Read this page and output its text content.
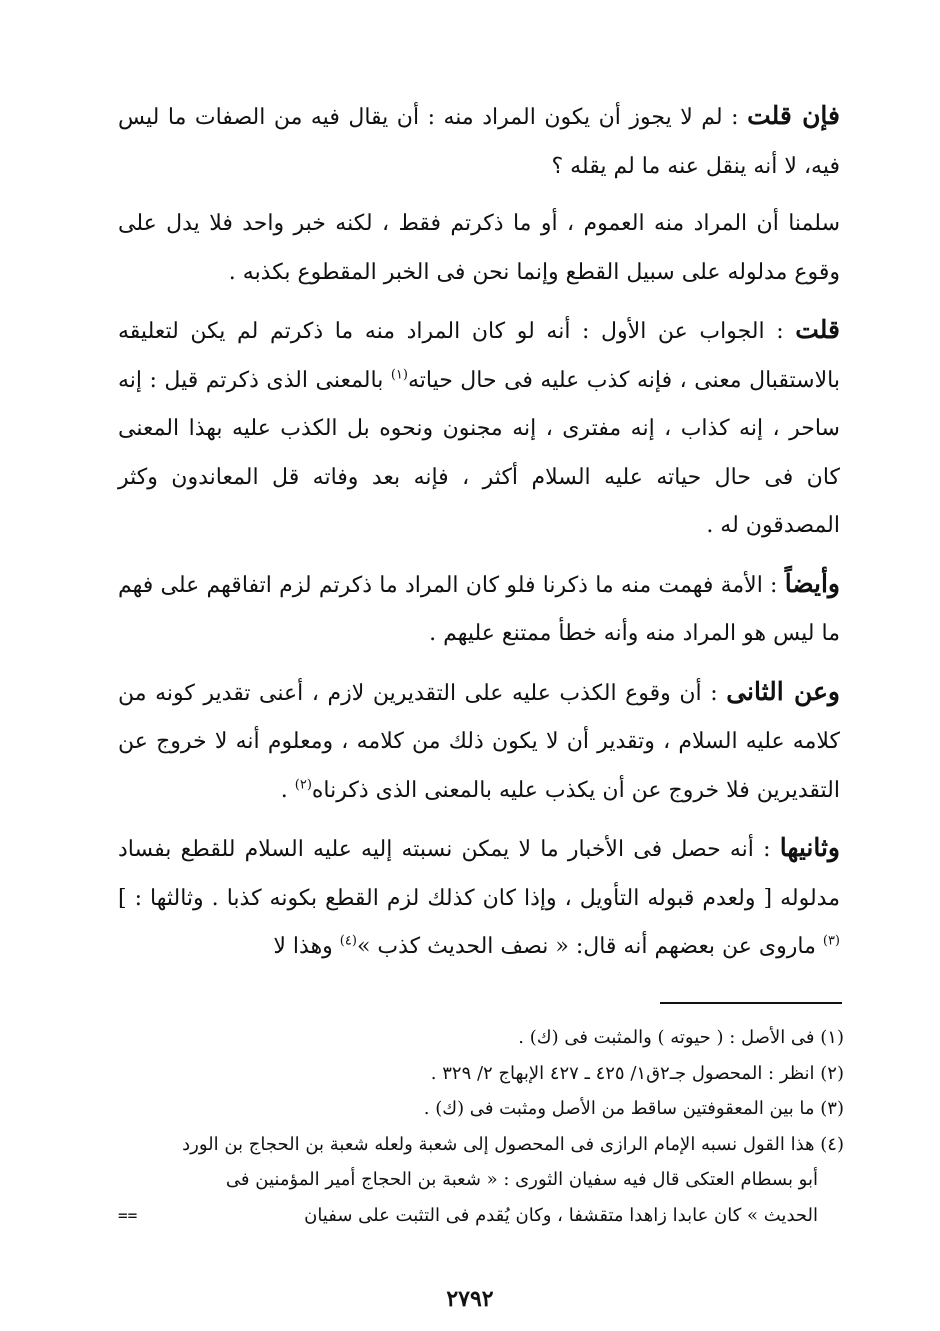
فإن قلت : لم لا يجوز أن يكون المراد منه : أن يقال فيه من الصفات ما ليس فيه، لا أنه ينقل عنه ما لم يقله ؟

سلمنا أن المراد منه العموم ، أو ما ذكرتم فقط ، لكنه خبر واحد فلا يدل على وقوع مدلوله على سبيل القطع وإنما نحن فى الخبر المقطوع بكذبه .

قلت : الجواب عن الأول : أنه لو كان المراد منه ما ذكرتم لم يكن لتعليقه بالاستقبال معنى ، فإنه كذب عليه فى حال حياته$^{(١)}$ بالمعنى الذى ذكرتم قيل : إنه ساحر ، إنه كذاب ، إنه مفترى ، إنه مجنون ونحوه بل الكذب عليه بهذا المعنى كان فى حال حياته عليه السلام أكثر ، فإنه بعد وفاته قل المعاندون وكثر المصدقون له .

وأيضاً : الأمة فهمت منه ما ذكرنا فلو كان المراد ما ذكرتم لزم اتفاقهم على فهم ما ليس هو المراد منه وأنه خطأ ممتنع عليهم .

وعن الثانى : أن وقوع الكذب عليه على التقديرين لازم ، أعنى تقدير كونه من كلامه عليه السلام ، وتقدير أن لا يكون ذلك من كلامه ، ومعلوم أنه لا خروج عن التقديرين فلا خروج عن أن يكذب عليه بالمعنى الذى ذكرناه$^{(٢)}$ .

وثانيها : أنه حصل فى الأخبار ما لا يمكن نسبته إليه عليه السلام للقطع بفساد مدلوله [ ولعدم قبوله التأويل ، وإذا كان كذلك لزم القطع بكونه كذبا . وثالثها : ]$^{(٣)}$ ماروى عن بعضهم أنه قال: « نصف الحديث كذب »$^{(٤)}$ وهذا لا

(١) فى الأصل : ( حيوته ) والمثبت فى (ك) .

(٢) انظر : المحصول جـ٢ق١/ ٤٢٥ ـ ٤٢٧ الإبهاج ٢/ ٣٢٩ .

(٣) ما بين المعقوفتين ساقط من الأصل ومثبت فى (ك) .

(٤) هذا القول نسبه الإمام الرازى فى المحصول إلى شعبة ولعله شعبة بن الحجاج بن الورد

أبو بسطام العتكى قال فيه سفيان الثورى : « شعبة بن الحجاج أمير المؤمنين فى

الحديث » كان عابدا زاهدا متقشفا ، وكان يُقدم فى التثبت على سفيان
==
٢٧٩٢
